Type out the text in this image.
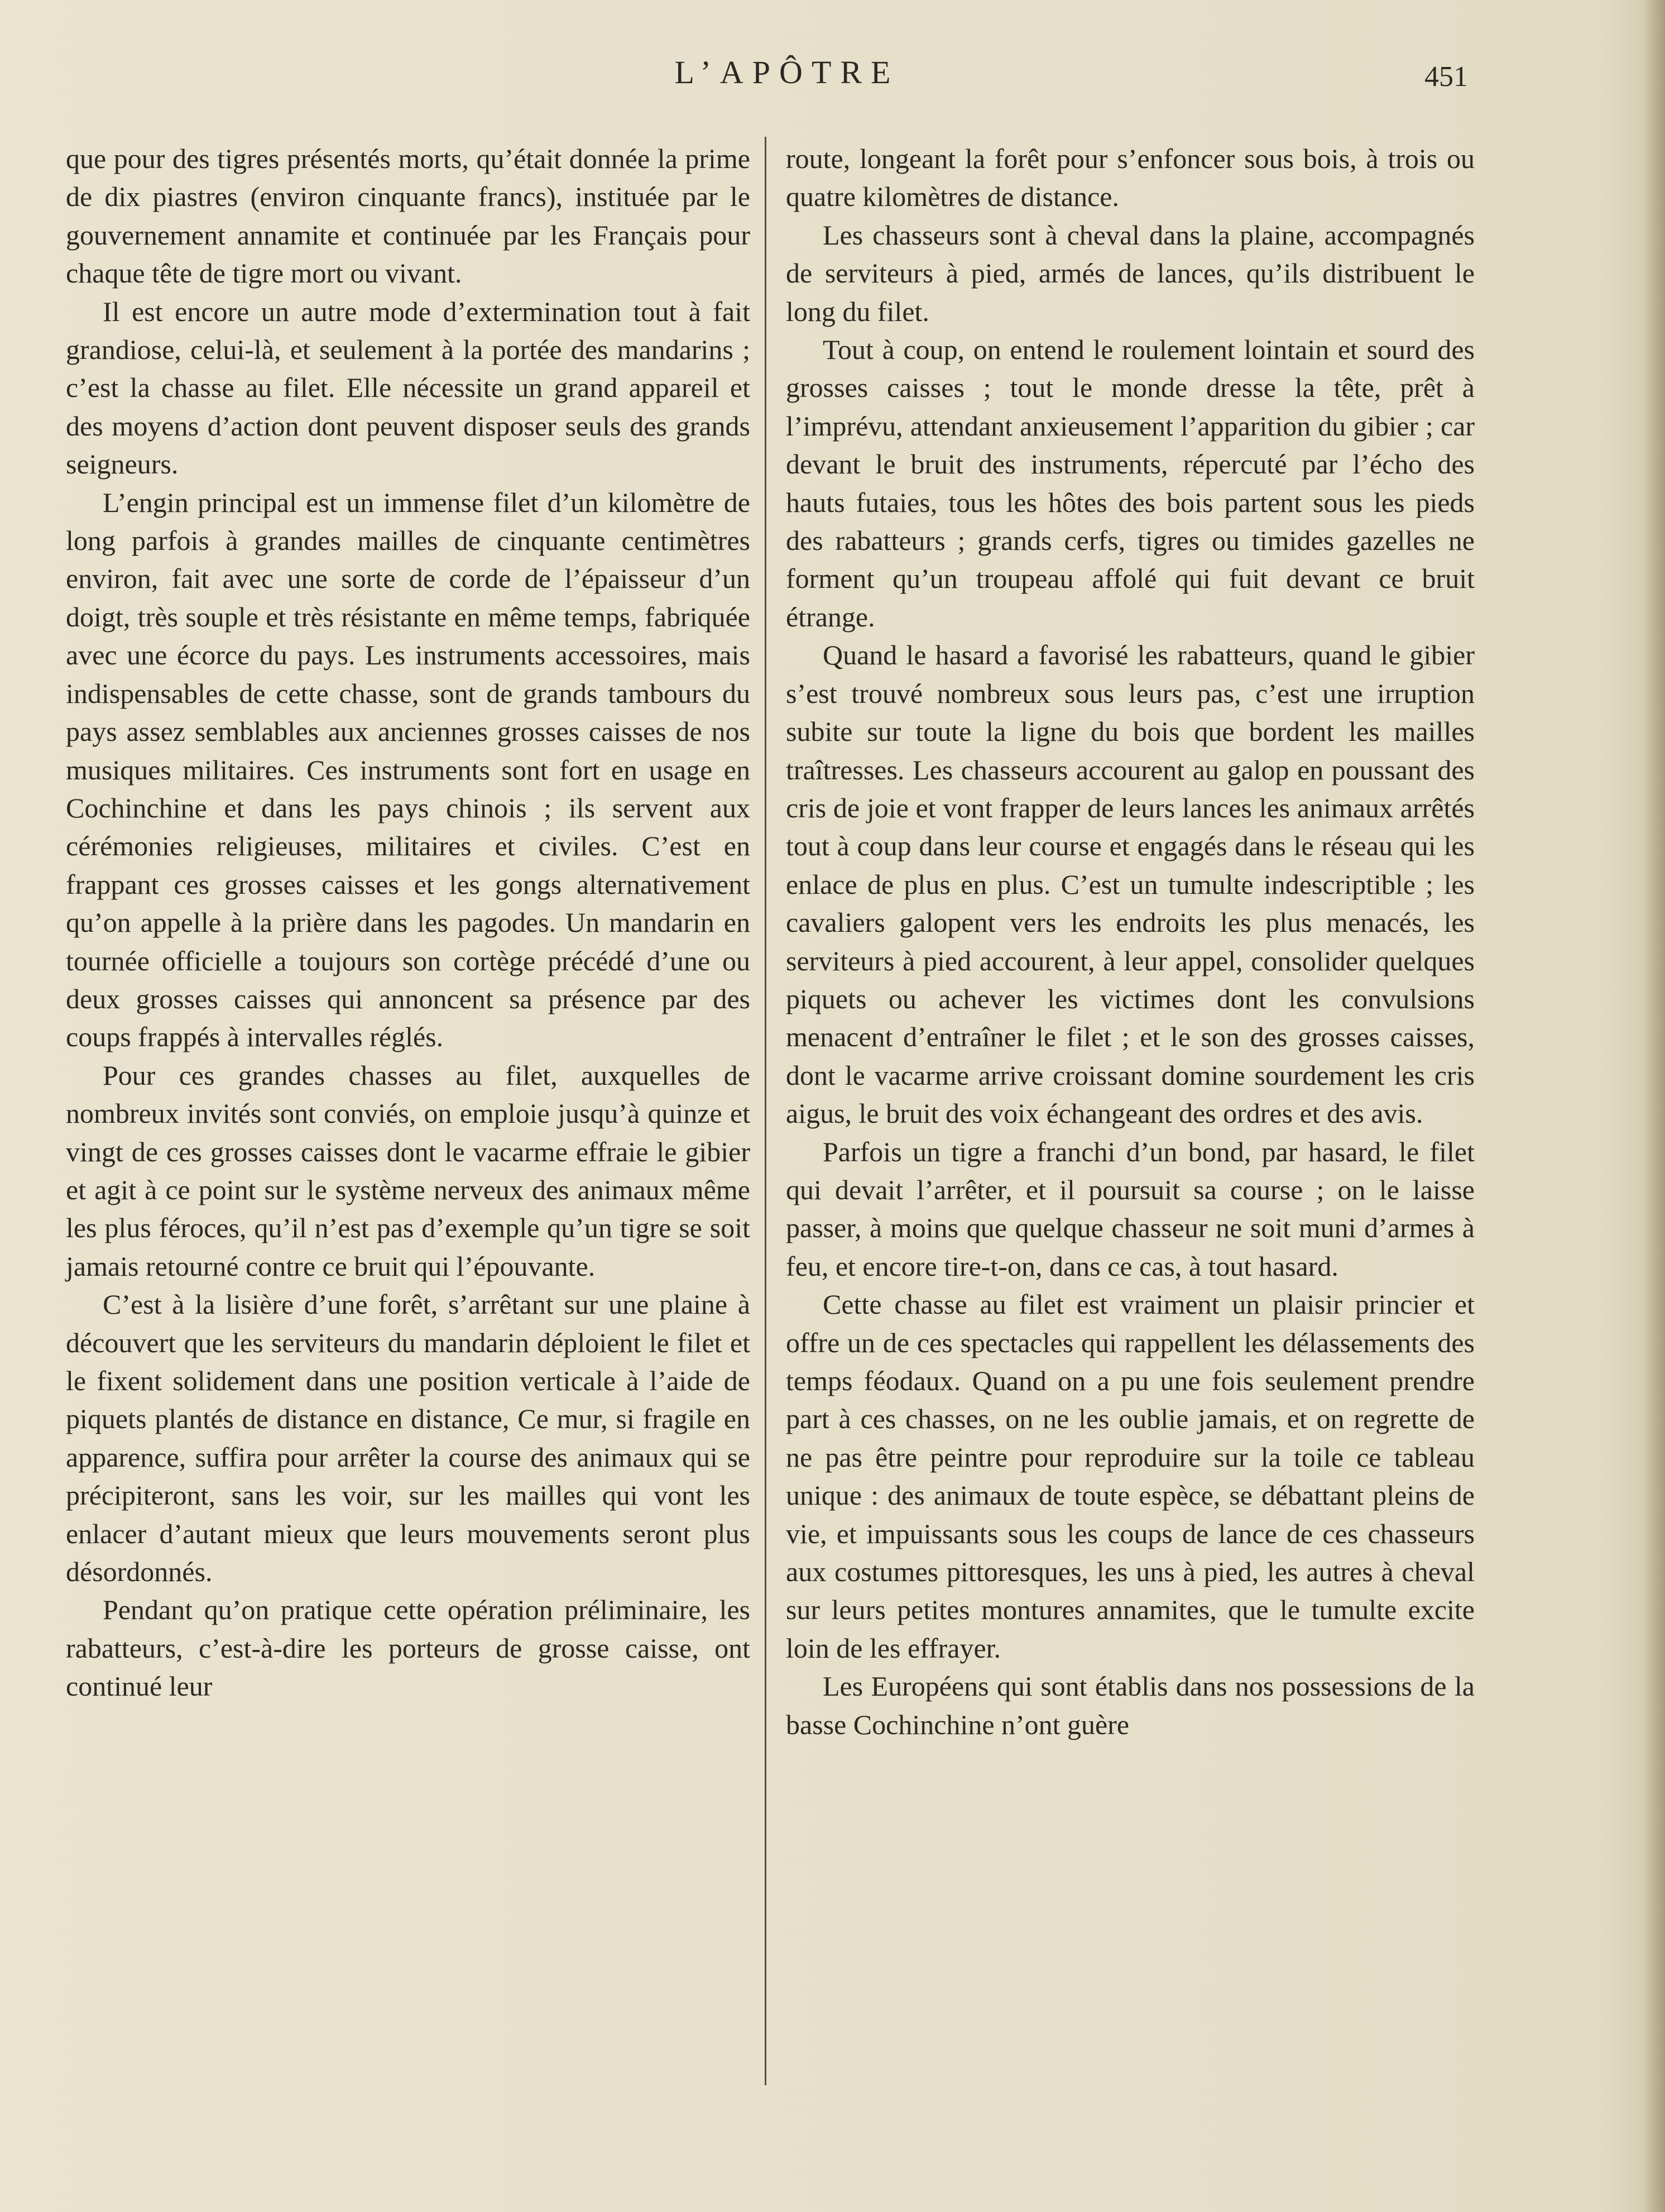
L’APÔTRE	451

que pour des tigres présentés morts, qu’était donnée la prime de dix piastres (environ cinquante francs), instituée par le gouvernement annamite et continuée par les Français pour chaque tête de tigre mort ou vivant.

Il est encore un autre mode d’extermination tout à fait grandiose, celui-là, et seulement à la portée des mandarins ; c’est la chasse au filet. Elle nécessite un grand appareil et des moyens d’action dont peuvent disposer seuls des grands seigneurs.

L’engin principal est un immense filet d’un kilomètre de long parfois à grandes mailles de cinquante centimètres environ, fait avec une sorte de corde de l’épaisseur d’un doigt, très souple et très résistante en même temps, fabriquée avec une écorce du pays. Les instruments accessoires, mais indispensables de cette chasse, sont de grands tambours du pays assez semblables aux anciennes grosses caisses de nos musiques militaires. Ces instruments sont fort en usage en Cochinchine et dans les pays chinois ; ils servent aux cérémonies religieuses, militaires et civiles. C’est en frappant ces grosses caisses et les gongs alternativement qu’on appelle à la prière dans les pagodes. Un mandarin en tournée officielle a toujours son cortège précédé d’une ou deux grosses caisses qui annoncent sa présence par des coups frappés à intervalles réglés.

Pour ces grandes chasses au filet, auxquelles de nombreux invités sont conviés, on emploie jusqu’à quinze et vingt de ces grosses caisses dont le vacarme effraie le gibier et agit à ce point sur le système nerveux des animaux même les plus féroces, qu’il n’est pas d’exemple qu’un tigre se soit jamais retourné contre ce bruit qui l’épouvante.

C’est à la lisière d’une forêt, s’arrêtant sur une plaine à découvert que les serviteurs du mandarin déploient le filet et le fixent solidement dans une position verticale à l’aide de piquets plantés de distance en distance, Ce mur, si fragile en apparence, suffira pour arrêter la course des animaux qui se précipiteront, sans les voir, sur les mailles qui vont les enlacer d’autant mieux que leurs mouvements seront plus désordonnés.

Pendant qu’on pratique cette opération préliminaire, les rabatteurs, c’est-à-dire les porteurs de grosse caisse, ont continué leur

route, longeant la forêt pour s’enfoncer sous bois, à trois ou quatre kilomètres de distance.

Les chasseurs sont à cheval dans la plaine, accompagnés de serviteurs à pied, armés de lances, qu’ils distribuent le long du filet.

Tout à coup, on entend le roulement lointain et sourd des grosses caisses ; tout le monde dresse la tête, prêt à l’imprévu, attendant anxieusement l’apparition du gibier ; car devant le bruit des instruments, répercuté par l’écho des hauts futaies, tous les hôtes des bois partent sous les pieds des rabatteurs ; grands cerfs, tigres ou timides gazelles ne forment qu’un troupeau affolé qui fuit devant ce bruit étrange.

Quand le hasard a favorisé les rabatteurs, quand le gibier s’est trouvé nombreux sous leurs pas, c’est une irruption subite sur toute la ligne du bois que bordent les mailles traîtresses. Les chasseurs accourent au galop en poussant des cris de joie et vont frapper de leurs lances les animaux arrêtés tout à coup dans leur course et engagés dans le réseau qui les enlace de plus en plus. C’est un tumulte indescriptible ; les cavaliers galopent vers les endroits les plus menacés, les serviteurs à pied accourent, à leur appel, consolider quelques piquets ou achever les victimes dont les convulsions menacent d’entraîner le filet ; et le son des grosses caisses, dont le vacarme arrive croissant domine sourdement les cris aigus, le bruit des voix échangeant des ordres et des avis.

Parfois un tigre a franchi d’un bond, par hasard, le filet qui devait l’arrêter, et il poursuit sa course ; on le laisse passer, à moins que quelque chasseur ne soit muni d’armes à feu, et encore tire-t-on, dans ce cas, à tout hasard.

Cette chasse au filet est vraiment un plaisir princier et offre un de ces spectacles qui rappellent les délassements des temps féodaux. Quand on a pu une fois seulement prendre part à ces chasses, on ne les oublie jamais, et on regrette de ne pas être peintre pour reproduire sur la toile ce tableau unique : des animaux de toute espèce, se débattant pleins de vie, et impuissants sous les coups de lance de ces chasseurs aux costumes pittoresques, les uns à pied, les autres à cheval sur leurs petites montures annamites, que le tumulte excite loin de les effrayer.

Les Européens qui sont établis dans nos possessions de la basse Cochinchine n’ont guère
